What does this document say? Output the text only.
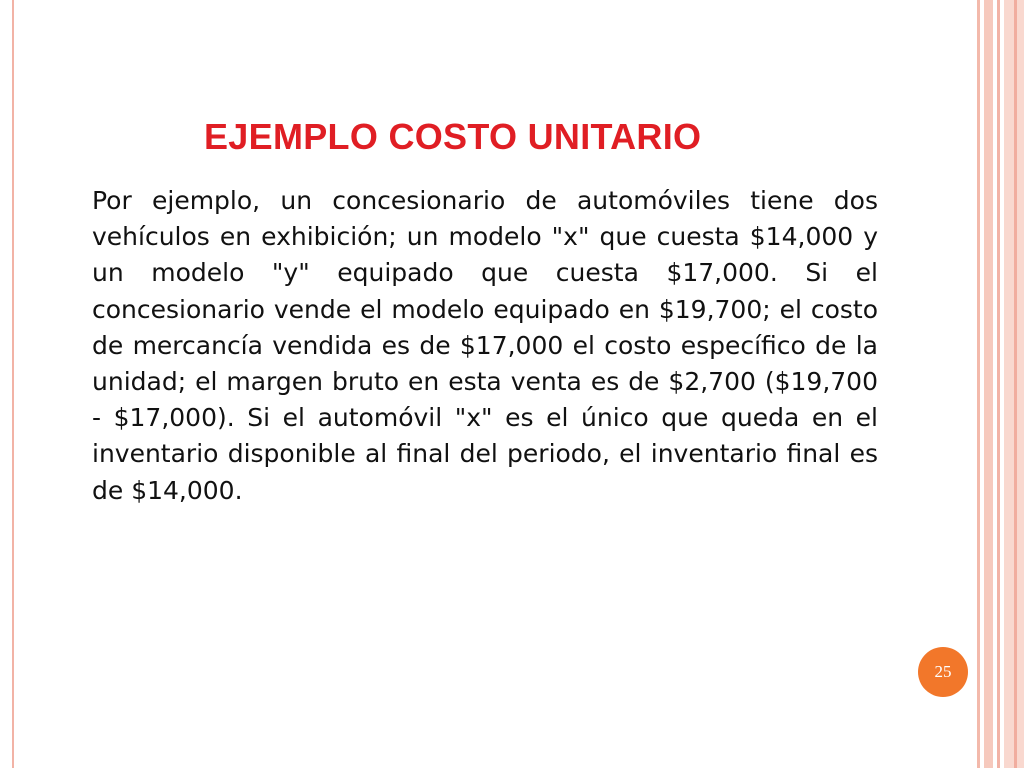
EJEMPLO COSTO UNITARIO

Por ejemplo, un concesionario de automóviles tiene dos vehículos en exhibición; un modelo "x" que cuesta $14,000 y un modelo "y" equipado que cuesta $17,000. Si el concesionario vende el modelo equipado en $19,700; el costo de mercancía vendida es de $17,000 el costo específico de la unidad; el margen bruto en esta venta es de $2,700 ($19,700 - $17,000). Si el automóvil "x" es el único que queda en el inventario disponible al final del periodo, el inventario final es de $14,000.

25
